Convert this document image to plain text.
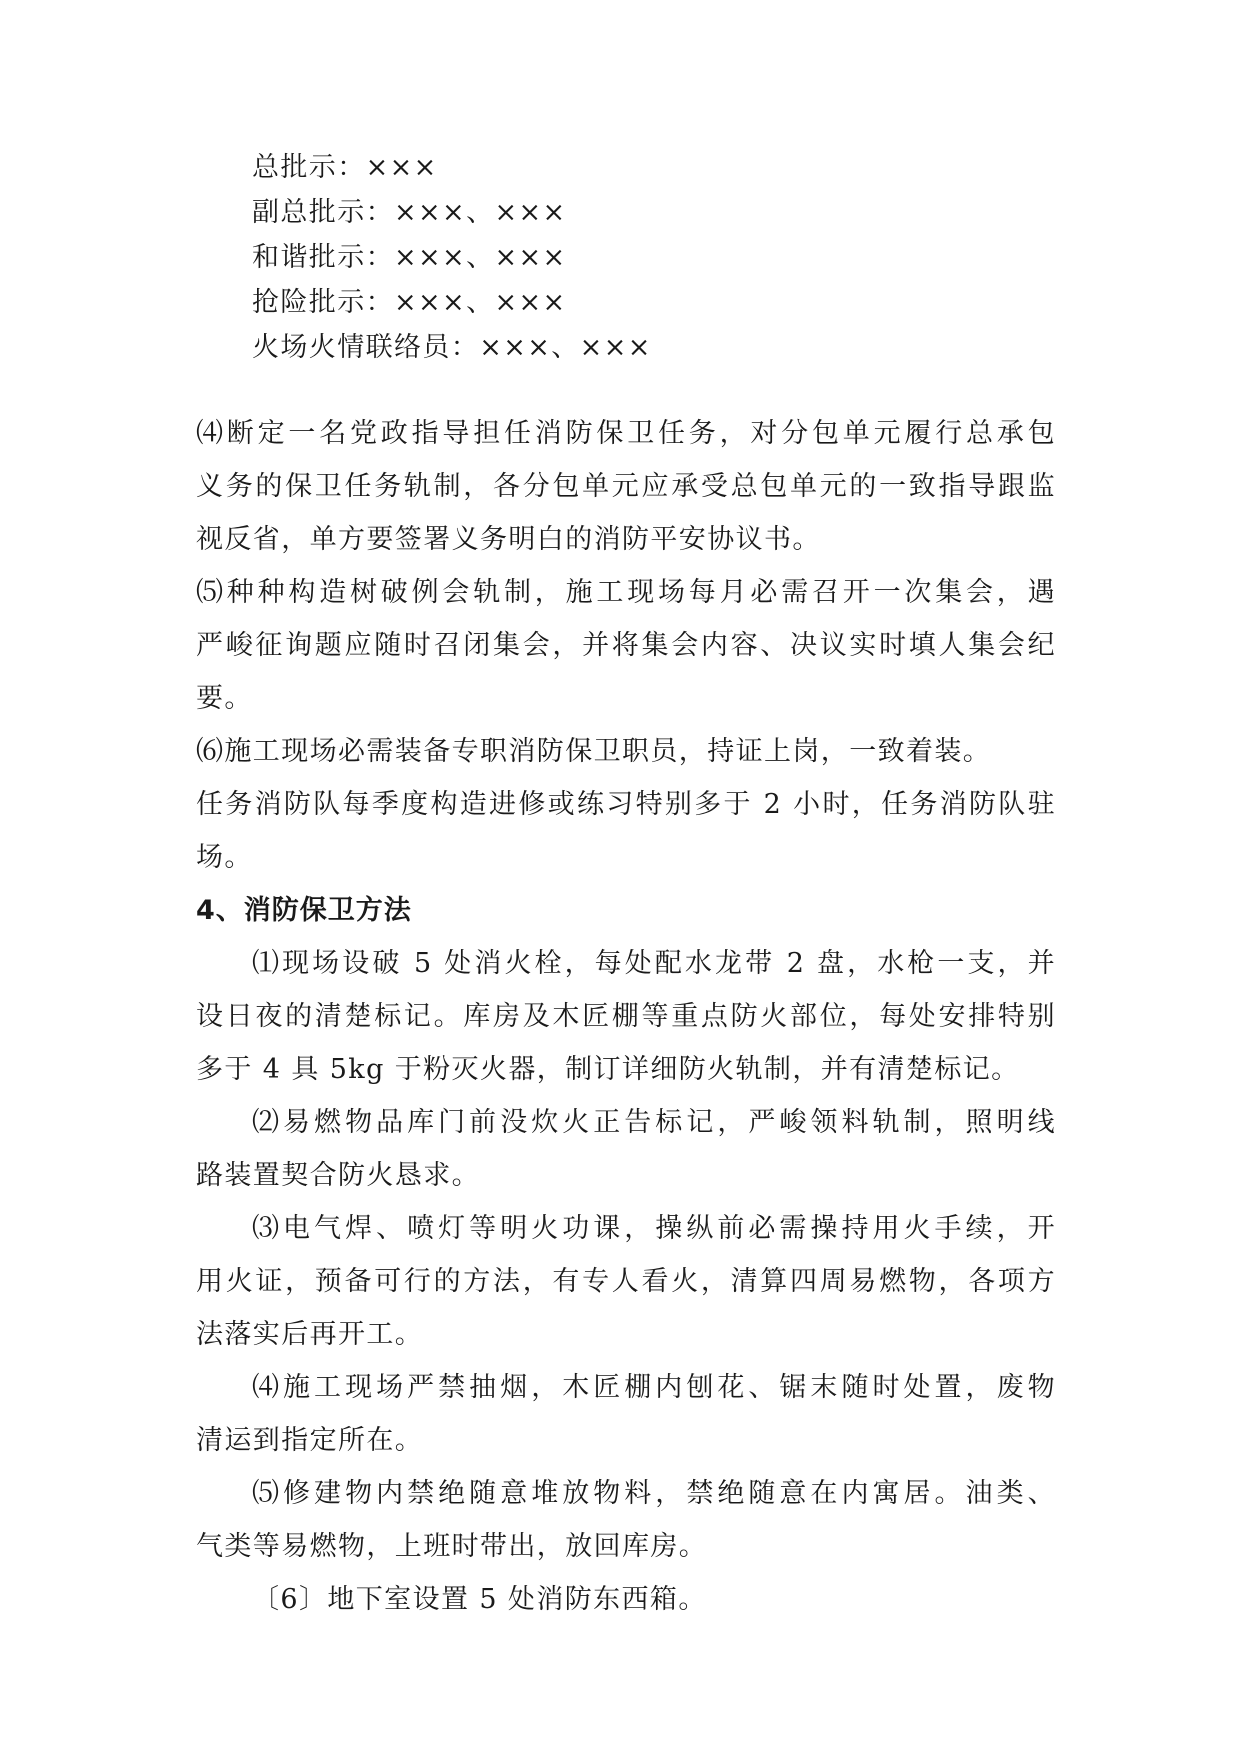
总批示：×××
副总批示：×××、×××
和谐批示：×××、×××
抢险批示：×××、×××
火场火情联络员：×××、×××
⑷断定一名党政指导担任消防保卫任务，对分包单元履行总承包
义务的保卫任务轨制，各分包单元应承受总包单元的一致指导跟监
视反省，单方要签署义务明白的消防平安协议书。
⑸种种构造树破例会轨制，施工现场每月必需召开一次集会，遇
严峻征询题应随时召闭集会，并将集会内容、决议实时填人集会纪
要。
⑹施工现场必需装备专职消防保卫职员，持证上岗，一致着装。
任务消防队每季度构造进修或练习特别多于 2 小时，任务消防队驻
场。
4、消防保卫方法
⑴现场设破 5 处消火栓，每处配水龙带 2 盘，水枪一支，并
设日夜的清楚标记。库房及木匠棚等重点防火部位，每处安排特别
多于 4 具 5kg 于粉灭火器，制订详细防火轨制，并有清楚标记。
⑵易燃物品库门前没炊火正告标记，严峻领料轨制，照明线
路装置契合防火恳求。
⑶电气焊、喷灯等明火功课，操纵前必需操持用火手续，开
用火证，预备可行的方法，有专人看火，清算四周易燃物，各项方
法落实后再开工。
⑷施工现场严禁抽烟，木匠棚内刨花、锯末随时处置，废物
清运到指定所在。
⑸修建物内禁绝随意堆放物料，禁绝随意在内寓居。油类、
气类等易燃物，上班时带出，放回库房。
〔6〕地下室设置 5 处消防东西箱。
